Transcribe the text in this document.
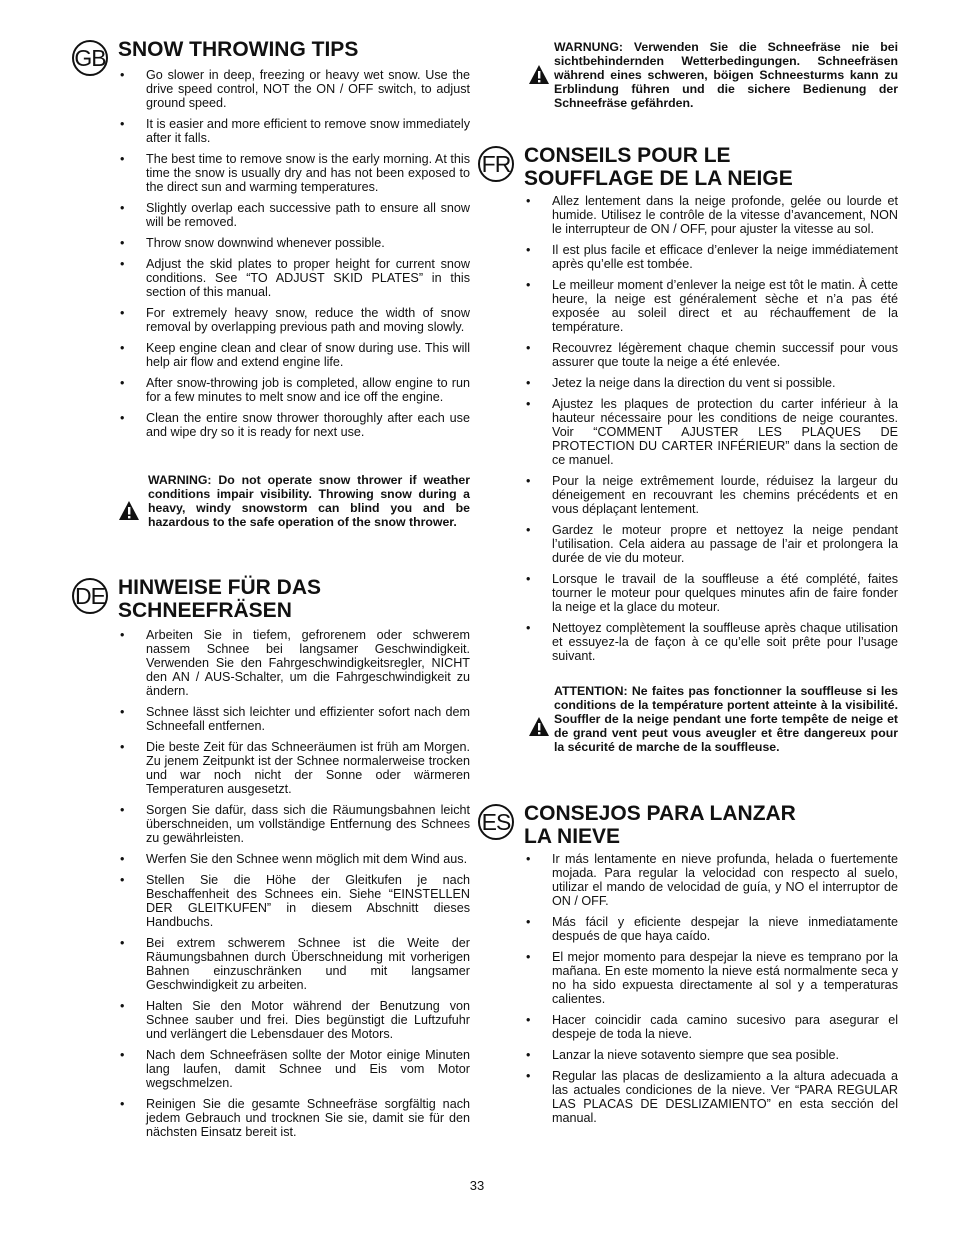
GB SNOW THROWING TIPS
• Go slower in deep, freezing or heavy wet snow. Use the drive speed control, NOT the ON / OFF switch, to adjust ground speed.
• It is easier and more efficient to remove snow immediately after it falls.
• The best time to remove snow is the early morning. At this time the snow is usually dry and has not been exposed to the direct sun and warming temperatures.
• Slightly overlap each successive path to ensure all snow will be removed.
• Throw snow downwind whenever possible.
• Adjust the skid plates to proper height for current snow conditions. See “TO ADJUST SKID PLATES” in this section of this manual.
• For extremely heavy snow, reduce the width of snow removal by overlapping previous path and moving slowly.
• Keep engine clean and clear of snow during use. This will help air flow and extend engine life.
• After snow-throwing job is completed, allow engine to run for a few minutes to melt snow and ice off the engine.
• Clean the entire snow thrower thoroughly after each use and wipe dry so it is ready for next use.
WARNING: Do not operate snow thrower if weather conditions impair visibility. Throwing snow during a heavy, windy snowstorm can blind you and be hazardous to the safe operation of the snow thrower.
DE HINWEISE FÜR DAS
SCHNEEFRÄSEN
• Arbeiten Sie in tiefem, gefrorenem oder schwerem nassem Schnee bei langsamer Geschwindigkeit. Verwenden Sie den Fahrgeschwindigkeitsregler, NICHT den AN / AUS-Schalter, um die Fahrgeschwindigkeit zu ändern.
• Schnee lässt sich leichter und effizienter sofort nach dem Schneefall entfernen.
• Die beste Zeit für das Schneeräumen ist früh am Morgen. Zu jenem Zeitpunkt ist der Schnee normalerweise trocken und war noch nicht der Sonne oder wärmeren Temperaturen ausgesetzt.
• Sorgen Sie dafür, dass sich die Räumungsbahnen leicht überschneiden, um vollständige Entfernung des Schnees zu gewährleisten.
• Werfen Sie den Schnee wenn möglich mit dem Wind aus.
• Stellen Sie die Höhe der Gleitkufen je nach Beschaffenheit des Schnees ein. Siehe “EINSTELLEN DER GLEITKUFEN” in diesem Abschnitt dieses Handbuchs.
• Bei extrem schwerem Schnee ist die Weite der Räumungsbahnen durch Überschneidung mit vorherigen Bahnen einzuschränken und mit langsamer Geschwindigkeit zu arbeiten.
• Halten Sie den Motor während der Benutzung von Schnee sauber und frei. Dies begünstigt die Luftzufuhr und verlängert die Lebensdauer des Motors.
• Nach dem Schneefräsen sollte der Motor einige Minuten lang laufen, damit Schnee und Eis vom Motor wegschmelzen.
• Reinigen Sie die gesamte Schneefräse sorgfältig nach jedem Gebrauch und trocknen Sie sie, damit sie für den nächsten Einsatz bereit ist.
WARNUNG: Verwenden Sie die Schneefräse nie bei sichtbehindernden Wetterbedingungen. Schneefräsen während eines schweren, böigen Schneesturms kann zu Erblindung führen und die sichere Bedienung der Schneefräse gefährden.
FR CONSEILS POUR LE
SOUFFLAGE DE LA NEIGE
• Allez lentement dans la neige profonde, gelée ou lourde et humide. Utilisez le contrôle de la vitesse d’avancement, NON le interrupteur de ON / OFF, pour ajuster la vitesse au sol.
• Il est plus facile et efficace d’enlever la neige immédiatement après qu’elle est tombée.
• Le meilleur moment d’enlever la neige est tôt le matin. À cette heure, la neige est généralement sèche et n’a pas été exposée au soleil direct et au réchauffement de la température.
• Recouvrez légèrement chaque chemin successif pour vous assurer que toute la neige a été enlevée.
• Jetez la neige dans la direction du vent si possible.
• Ajustez les plaques de protection du carter inférieur à la hauteur nécessaire pour les conditions de neige courantes. Voir “COMMENT AJUSTER LES PLAQUES DE PROTECTION DU CARTER INFÉRIEUR” dans la section de ce manuel.
• Pour la neige extrêmement lourde, réduisez la largeur du déneigement en recouvrant les chemins précédents et en vous déplaçant lentement.
• Gardez le moteur propre et nettoyez la neige pendant l’utilisation. Cela aidera au passage de l’air et prolongera la durée de vie du moteur.
• Lorsque le travail de la souffleuse a été complété, faites tourner le moteur pour quelques minutes afin de faire fonder la neige et la glace du moteur.
• Nettoyez complètement la souffleuse après chaque utilisation et essuyez-la de façon à ce qu’elle soit prête pour l’usage suivant.
ATTENTION: Ne faites pas fonctionner la souffleuse si les conditions de la température portent atteinte à la visibilité. Souffler de la neige pendant une forte tempête de neige et de grand vent peut vous aveugler et être dangereux pour la sécurité de marche de la souffleuse.
ES CONSEJOS PARA LANZAR
LA NIEVE
• Ir más lentamente en nieve profunda, helada o fuertemente mojada. Para regular la velocidad con respecto al suelo, utilizar el mando de velocidad de guía, y NO el interruptor de ON / OFF.
• Más fácil y eficiente despejar la nieve inmediatamente después de que haya caído.
• El mejor momento para despejar la nieve es temprano por la mañana. En este momento la nieve está normalmente seca y no ha sido expuesta directamente al sol y a temperaturas calientes.
• Hacer coincidir cada camino sucesivo para asegurar el despeje de toda la nieve.
• Lanzar la nieve sotavento siempre que sea posible.
• Regular las placas de deslizamiento a la altura adecuada a las actuales condiciones de la nieve. Ver “PARA REGULAR LAS PLACAS DE DESLIZAMIENTO” en esta sección del manual.
33
